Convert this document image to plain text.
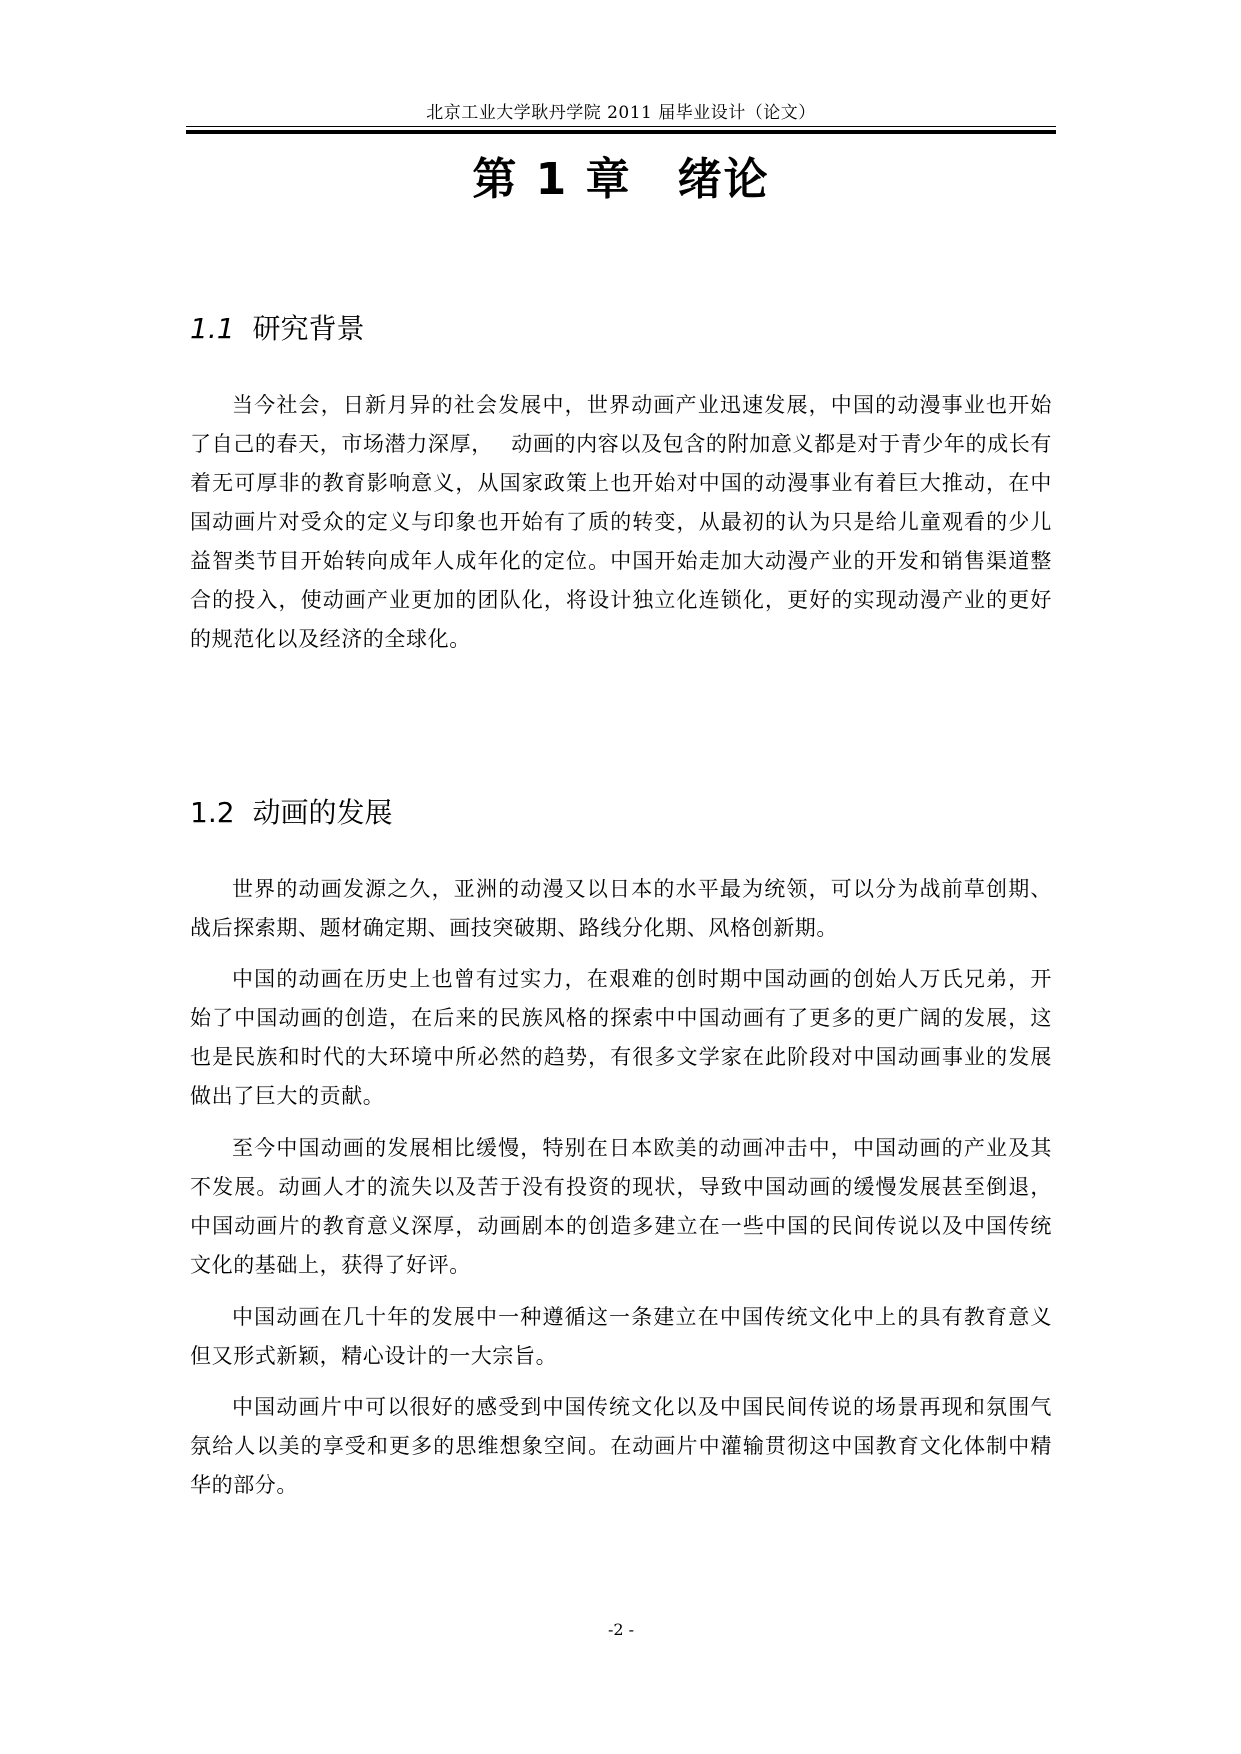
北京工业大学耿丹学院 2011 届毕业设计（论文）
第 1 章　绪论
1.1 研究背景

当今社会，日新月异的社会发展中，世界动画产业迅速发展，中国的动漫事业也开始了自己的春天，市场潜力深厚，　 动画的内容以及包含的附加意义都是对于青少年的成长有着无可厚非的教育影响意义，从国家政策上也开始对中国的动漫事业有着巨大推动，在中国动画片对受众的定义与印象也开始有了质的转变，从最初的认为只是给儿童观看的少儿益智类节目开始转向成年人成年化的定位。中国开始走加大动漫产业的开发和销售渠道整合的投入，使动画产业更加的团队化，将设计独立化连锁化，更好的实现动漫产业的更好的规范化以及经济的全球化。

1.2 动画的发展

世界的动画发源之久，亚洲的动漫又以日本的水平最为统领，可以分为战前草创期、战后探索期、题材确定期、画技突破期、路线分化期、风格创新期。

中国的动画在历史上也曾有过实力，在艰难的创时期中国动画的创始人万氏兄弟，开始了中国动画的创造，在后来的民族风格的探索中中国动画有了更多的更广阔的发展，这也是民族和时代的大环境中所必然的趋势，有很多文学家在此阶段对中国动画事业的发展做出了巨大的贡献。

至今中国动画的发展相比缓慢，特别在日本欧美的动画冲击中，中国动画的产业及其不发展。动画人才的流失以及苦于没有投资的现状，导致中国动画的缓慢发展甚至倒退，中国动画片的教育意义深厚，动画剧本的创造多建立在一些中国的民间传说以及中国传统文化的基础上，获得了好评。

中国动画在几十年的发展中一种遵循这一条建立在中国传统文化中上的具有教育意义但又形式新颖，精心设计的一大宗旨。

中国动画片中可以很好的感受到中国传统文化以及中国民间传说的场景再现和氛围气氛给人以美的享受和更多的思维想象空间。在动画片中灌输贯彻这中国教育文化体制中精华的部分。

-2 -
